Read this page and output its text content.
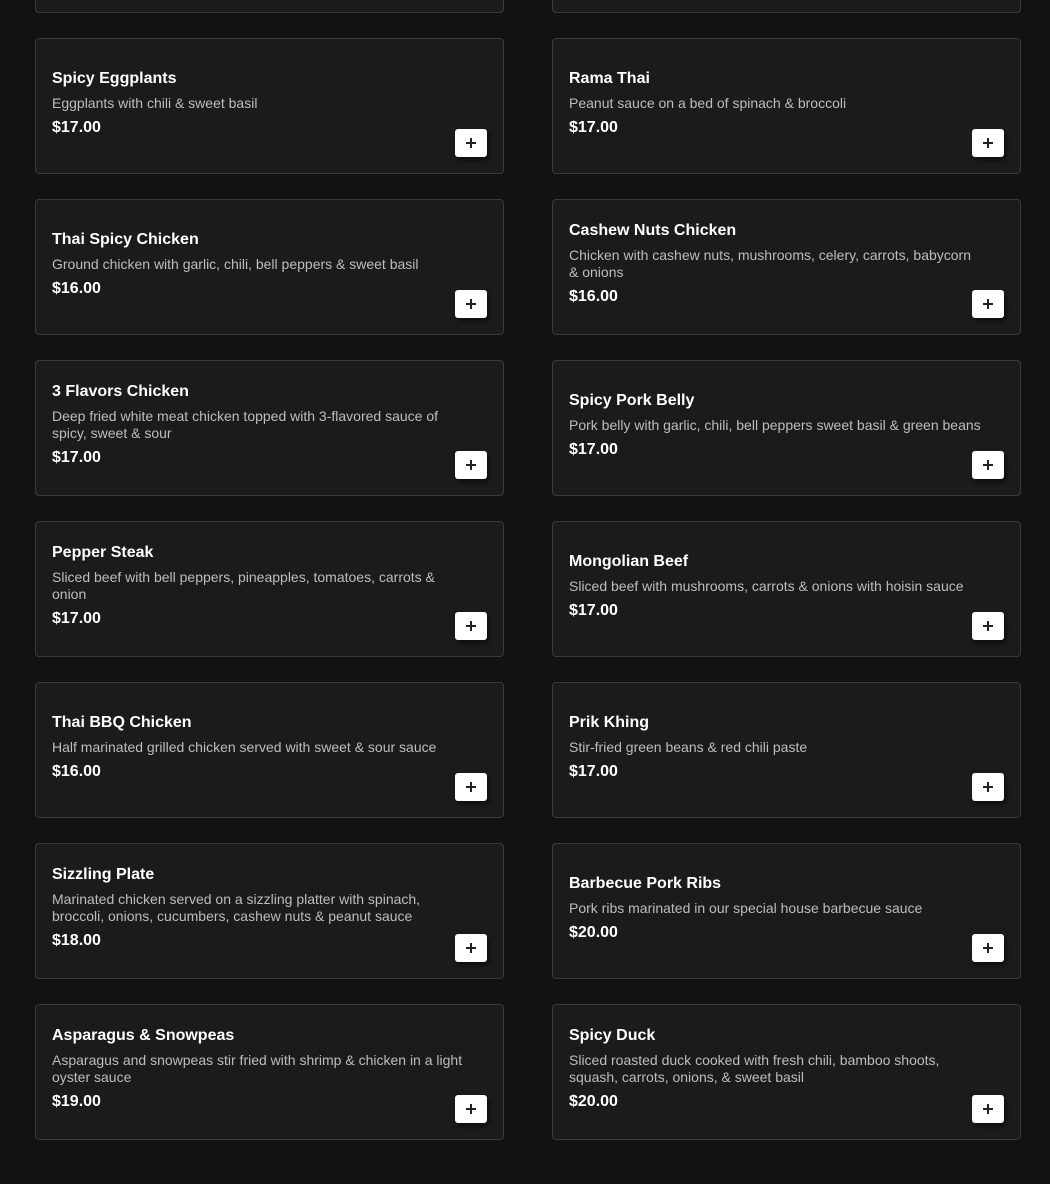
Spicy Eggplants
Eggplants with chili & sweet basil
$17.00
Rama Thai
Peanut sauce on a bed of spinach & broccoli
$17.00
Thai Spicy Chicken
Ground chicken with garlic, chili, bell peppers & sweet basil
$16.00
Cashew Nuts Chicken
Chicken with cashew nuts, mushrooms, celery, carrots, babycorn & onions
$16.00
3 Flavors Chicken
Deep fried white meat chicken topped with 3-flavored sauce of spicy, sweet & sour
$17.00
Spicy Pork Belly
Pork belly with garlic, chili, bell peppers sweet basil & green beans
$17.00
Pepper Steak
Sliced beef with bell peppers, pineapples, tomatoes, carrots & onion
$17.00
Mongolian Beef
Sliced beef with mushrooms, carrots & onions with hoisin sauce
$17.00
Thai BBQ Chicken
Half marinated grilled chicken served with sweet & sour sauce
$16.00
Prik Khing
Stir-fried green beans & red chili paste
$17.00
Sizzling Plate
Marinated chicken served on a sizzling platter with spinach, broccoli, onions, cucumbers, cashew nuts & peanut sauce
$18.00
Barbecue Pork Ribs
Pork ribs marinated in our special house barbecue sauce
$20.00
Asparagus & Snowpeas
Asparagus and snowpeas stir fried with shrimp & chicken in a light oyster sauce
$19.00
Spicy Duck
Sliced roasted duck cooked with fresh chili, bamboo shoots, squash, carrots, onions, & sweet basil
$20.00
